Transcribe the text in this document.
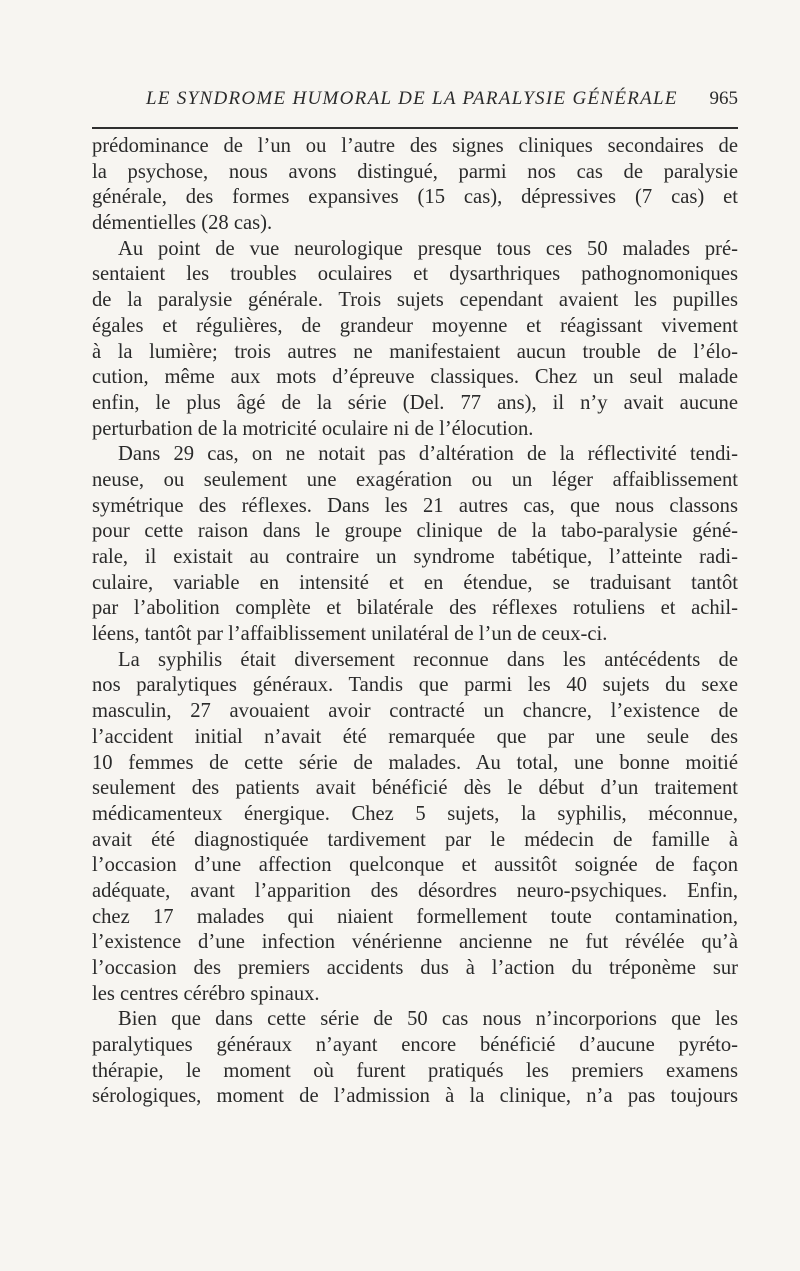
LE SYNDROME HUMORAL DE LA PARALYSIE GÉNÉRALE 965
prédominance de l’un ou l’autre des signes cliniques secondaires de
la psychose, nous avons distingué, parmi nos cas de paralysie
générale, des formes expansives (15 cas), dépressives (7 cas) et
démentielles (28 cas).
Au point de vue neurologique presque tous ces 50 malades pré-
sentaient les troubles oculaires et dysarthriques pathognomoniques
de la paralysie générale. Trois sujets cependant avaient les pupilles
égales et régulières, de grandeur moyenne et réagissant vivement
à la lumière; trois autres ne manifestaient aucun trouble de l’élo-
cution, même aux mots d’épreuve classiques. Chez un seul malade
enfin, le plus âgé de la série (Del. 77 ans), il n’y avait aucune
perturbation de la motricité oculaire ni de l’élocution.
Dans 29 cas, on ne notait pas d’altération de la réflectivité tendi-
neuse, ou seulement une exagération ou un léger affaiblissement
symétrique des réflexes. Dans les 21 autres cas, que nous classons
pour cette raison dans le groupe clinique de la tabo-paralysie géné-
rale, il existait au contraire un syndrome tabétique, l’atteinte radi-
culaire, variable en intensité et en étendue, se traduisant tantôt
par l’abolition complète et bilatérale des réflexes rotuliens et achil-
léens, tantôt par l’affaiblissement unilatéral de l’un de ceux-ci.
La syphilis était diversement reconnue dans les antécédents de
nos paralytiques généraux. Tandis que parmi les 40 sujets du sexe
masculin, 27 avouaient avoir contracté un chancre, l’existence de
l’accident initial n’avait été remarquée que par une seule des
10 femmes de cette série de malades. Au total, une bonne moitié
seulement des patients avait bénéficié dès le début d’un traitement
médicamenteux énergique. Chez 5 sujets, la syphilis, méconnue,
avait été diagnostiquée tardivement par le médecin de famille à
l’occasion d’une affection quelconque et aussitôt soignée de façon
adéquate, avant l’apparition des désordres neuro-psychiques. Enfin,
chez 17 malades qui niaient formellement toute contamination,
l’existence d’une infection vénérienne ancienne ne fut révélée qu’à
l’occasion des premiers accidents dus à l’action du tréponème sur
les centres cérébro spinaux.
Bien que dans cette série de 50 cas nous n’incorporions que les
paralytiques généraux n’ayant encore bénéficié d’aucune pyréto-
thérapie, le moment où furent pratiqués les premiers examens
sérologiques, moment de l’admission à la clinique, n’a pas toujours
